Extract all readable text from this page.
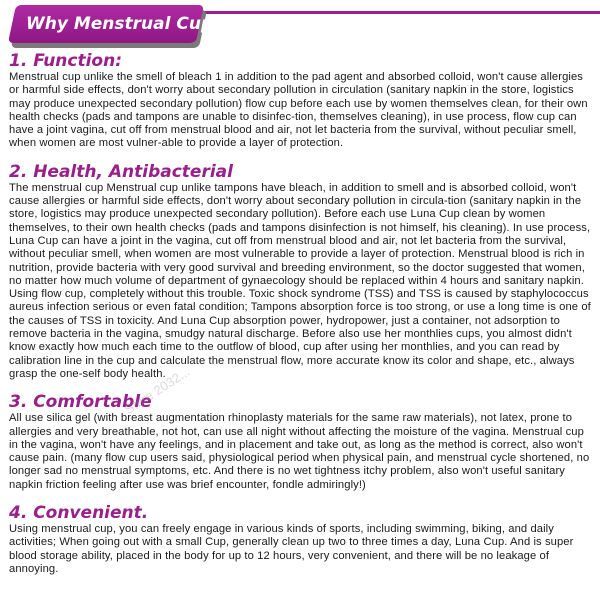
Why Menstrual Cup
1. Function:

Menstrual cup unlike the smell of bleach 1 in addition to the pad agent and absorbed colloid, won't cause allergies or harmful side effects, don't worry about secondary pollution in circulation (sanitary napkin in the store, logistics may produce unexpected secondary pollution) flow cup before each use by women themselves clean, for their own health checks (pads and tampons are unable to disinfec-tion, themselves cleaning), in use process, flow cup can have a joint vagina, cut off from menstrual blood and air, not let bacteria from the survival, without peculiar smell, when women are most vulner-able to provide a layer of protection.

2. Health, Antibacterial

The menstrual cup Menstrual cup unlike tampons have bleach, in addition to smell and is absorbed colloid, won't cause allergies or harmful side effects, don't worry about secondary pollution in circula-tion (sanitary napkin in the store, logistics may produce unexpected secondary pollution). Before each use Luna Cup clean by women themselves, to their own health checks (pads and tampons disinfection is not himself, his cleaning). In use process, Luna Cup can have a joint in the vagina, cut off from menstrual blood and air, not let bacteria from the survival, without peculiar smell, when women are most vulnerable to provide a layer of protection. Menstrual blood is rich in nutrition, provide bacteria with very good survival and breeding environment, so the doctor suggested that women, no matter how much volume of department of gynaecology should be replaced within 4 hours and sanitary napkin. Using flow cup, completely without this trouble. Toxic shock syndrome (TSS) and TSS is caused by staphylococcus aureus infection serious or even fatal condition; Tampons absorption force is too strong, or use a long time is one of the causes of TSS in toxicity. And Luna Cup absorption power, hydropower, just a container, not adsorption to remove bacteria in the vagina, smudgy natural discharge. Before also use her monthlies cups, you almost didn't know exactly how much each time to the outflow of blood, cup after using her monthlies, and you can read by calibration line in the cup and calculate the menstrual flow, more accurate know its color and shape, etc., always grasp the one-self body health.

3. Comfortable

All use silica gel (with breast augmentation rhinoplasty materials for the same raw materials), not latex, prone to allergies and very breathable, not hot, can use all night without affecting the moisture of the vagina. Menstrual cup in the vagina, won't have any feelings, and in placement and take out, as long as the method is correct, also won't cause pain. (many flow cup users said, physiological period when physical pain, and menstrual cycle shortened, no longer sad no menstrual symptoms, etc. And there is no wet tightness itchy problem, also won't useful sanitary napkin friction feeling after use was brief encounter, fondle admiringly!)

4. Convenient.

Using menstrual cup, you can freely engage in various kinds of sports, including swimming, biking, and daily activities; When going out with a small Cup, generally clean up two to three times a day, Luna Cup. And is super blood storage ability, placed in the body for up to 12 hours, very convenient, and there will be no leakage of annoying.

Store 2032...
